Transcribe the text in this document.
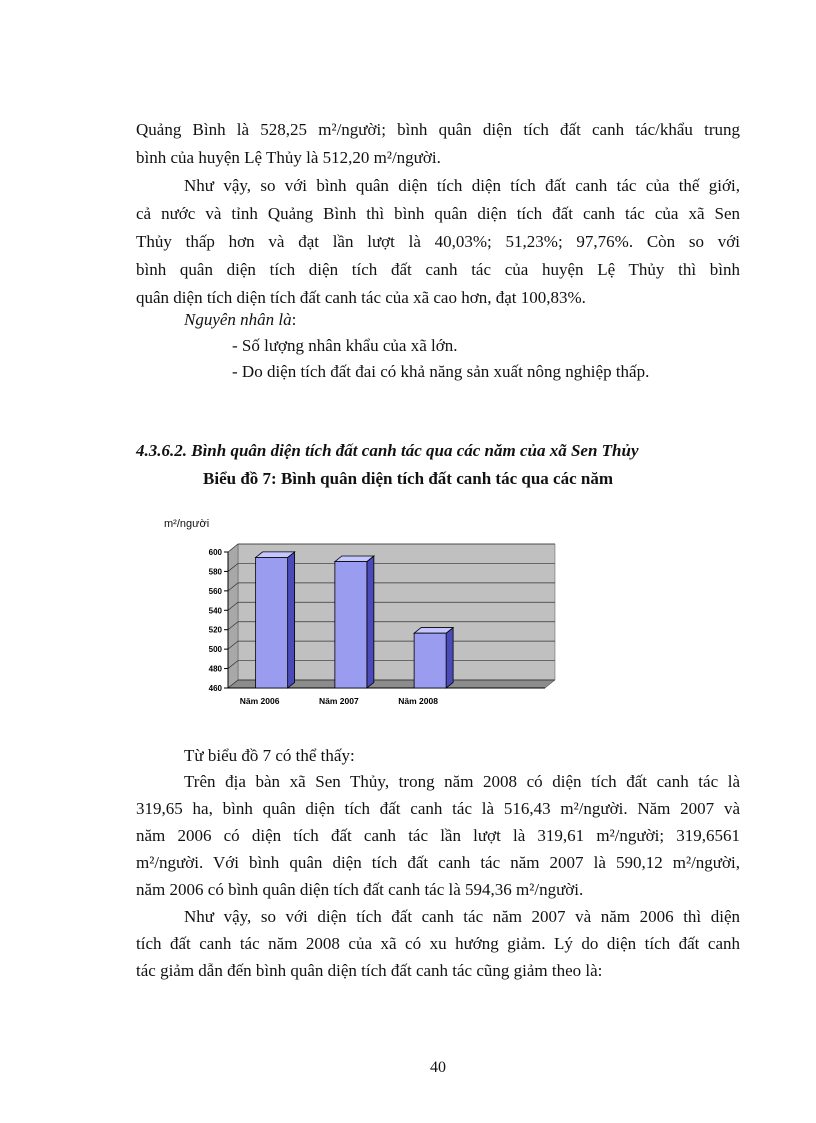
Quảng Bình là 528,25 m²/người; bình quân diện tích đất canh tác/khẩu trung
bình của huyện Lệ Thủy là 512,20 m²/người.
Như vậy, so với bình quân diện tích diện tích đất canh tác của thế giới,
cả nước và tỉnh Quảng Bình thì bình quân diện tích đất canh tác của xã Sen
Thủy thấp hơn và đạt lần lượt là 40,03%; 51,23%; 97,76%. Còn so với
bình quân diện tích diện tích đất canh tác của huyện Lệ Thủy thì bình
quân diện tích diện tích đất canh tác của xã cao hơn, đạt 100,83%.
Nguyên nhân là:
- Số lượng nhân khẩu của xã lớn.
- Do diện tích đất đai có khả năng sản xuất nông nghiệp thấp.
4.3.6.2. Bình quân diện tích đất canh tác qua các năm của xã Sen Thủy
Biểu đồ 7: Bình quân diện tích đất canh tác qua các năm
m²/người
460
480
500
520
540
560
580
600
Năm 2006	Năm 2007	Năm 2008
Từ biểu đồ 7 có thể thấy:
Trên địa bàn xã Sen Thủy, trong năm 2008 có diện tích đất canh tác là
319,65 ha, bình quân diện tích đất canh tác là 516,43 m²/người. Năm 2007 và
năm 2006 có diện tích đất canh tác lần lượt là 319,61 m²/người; 319,6561
m²/người. Với bình quân diện tích đất canh tác năm 2007 là 590,12 m²/người,
năm 2006 có bình quân diện tích đất canh tác là 594,36 m²/người.
Như vậy, so với diện tích đất canh tác năm 2007 và năm 2006 thì diện
tích đất canh tác năm 2008 của xã có xu hướng giảm. Lý do diện tích đất canh
tác giảm dẫn đến bình quân diện tích đất canh tác cũng giảm theo là:
40
